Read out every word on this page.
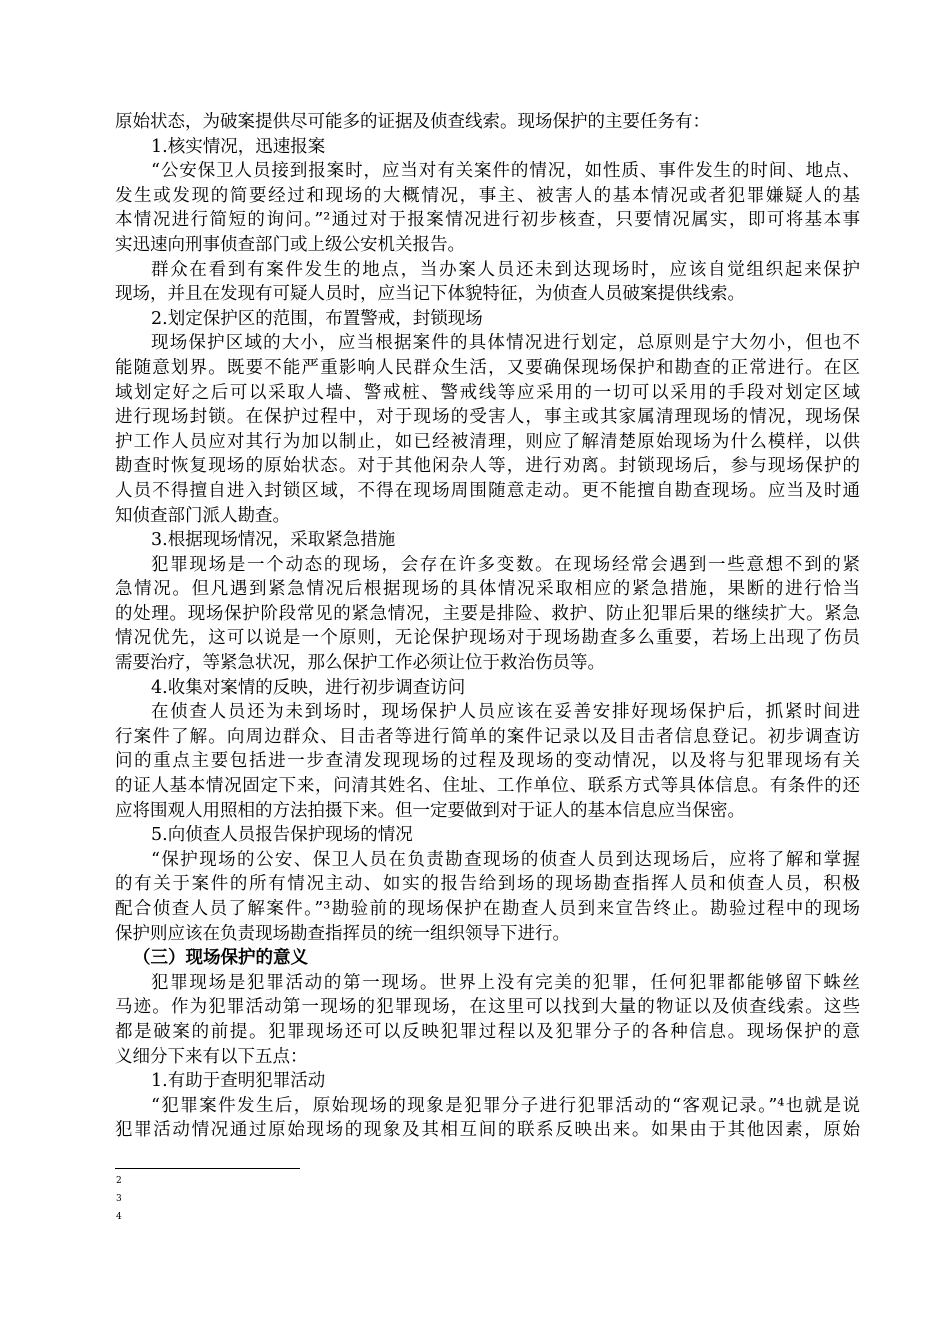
原始状态，为破案提供尽可能多的证据及侦查线索。现场保护的主要任务有：
1.核实情况，迅速报案
“公安保卫人员接到报案时，应当对有关案件的情况，如性质、事件发生的时间、地点、
发生或发现的简要经过和现场的大概情况，事主、被害人的基本情况或者犯罪嫌疑人的基
本情况进行简短的询问。”²通过对于报案情况进行初步核查，只要情况属实，即可将基本事
实迅速向刑事侦查部门或上级公安机关报告。
群众在看到有案件发生的地点，当办案人员还未到达现场时，应该自觉组织起来保护
现场，并且在发现有可疑人员时，应当记下体貌特征，为侦查人员破案提供线索。
2.划定保护区的范围，布置警戒，封锁现场
现场保护区域的大小，应当根据案件的具体情况进行划定，总原则是宁大勿小，但也不
能随意划界。既要不能严重影响人民群众生活，又要确保现场保护和勘查的正常进行。在区
域划定好之后可以采取人墙、警戒桩、警戒线等应采用的一切可以采用的手段对划定区域
进行现场封锁。在保护过程中，对于现场的受害人，事主或其家属清理现场的情况，现场保
护工作人员应对其行为加以制止，如已经被清理，则应了解清楚原始现场为什么模样，以供
勘查时恢复现场的原始状态。对于其他闲杂人等，进行劝离。封锁现场后，参与现场保护的
人员不得擅自进入封锁区域，不得在现场周围随意走动。更不能擅自勘查现场。应当及时通
知侦查部门派人勘查。
3.根据现场情况，采取紧急措施
犯罪现场是一个动态的现场，会存在许多变数。在现场经常会遇到一些意想不到的紧
急情况。但凡遇到紧急情况后根据现场的具体情况采取相应的紧急措施，果断的进行恰当
的处理。现场保护阶段常见的紧急情况，主要是排险、救护、防止犯罪后果的继续扩大。紧急
情况优先，这可以说是一个原则，无论保护现场对于现场勘查多么重要，若场上出现了伤员
需要治疗，等紧急状况，那么保护工作必须让位于救治伤员等。
4.收集对案情的反映，进行初步调查访问
在侦查人员还为未到场时，现场保护人员应该在妥善安排好现场保护后，抓紧时间进
行案件了解。向周边群众、目击者等进行简单的案件记录以及目击者信息登记。初步调查访
问的重点主要包括进一步查清发现现场的过程及现场的变动情况，以及将与犯罪现场有关
的证人基本情况固定下来，问清其姓名、住址、工作单位、联系方式等具体信息。有条件的还
应将围观人用照相的方法拍摄下来。但一定要做到对于证人的基本信息应当保密。
5.向侦查人员报告保护现场的情况
“保护现场的公安、保卫人员在负责勘查现场的侦查人员到达现场后，应将了解和掌握
的有关于案件的所有情况主动、如实的报告给到场的现场勘查指挥人员和侦查人员，积极
配合侦查人员了解案件。”³勘验前的现场保护在勘查人员到来宣告终止。勘验过程中的现场
保护则应该在负责现场勘查指挥员的统一组织领导下进行。
（三）现场保护的意义
犯罪现场是犯罪活动的第一现场。世界上没有完美的犯罪，任何犯罪都能够留下蛛丝
马迹。作为犯罪活动第一现场的犯罪现场，在这里可以找到大量的物证以及侦查线索。这些
都是破案的前提。犯罪现场还可以反映犯罪过程以及犯罪分子的各种信息。现场保护的意
义细分下来有以下五点：
1.有助于查明犯罪活动
“犯罪案件发生后，原始现场的现象是犯罪分子进行犯罪活动的“客观记录。”⁴也就是说
犯罪活动情况通过原始现场的现象及其相互间的联系反映出来。如果由于其他因素，原始
2
3
4
